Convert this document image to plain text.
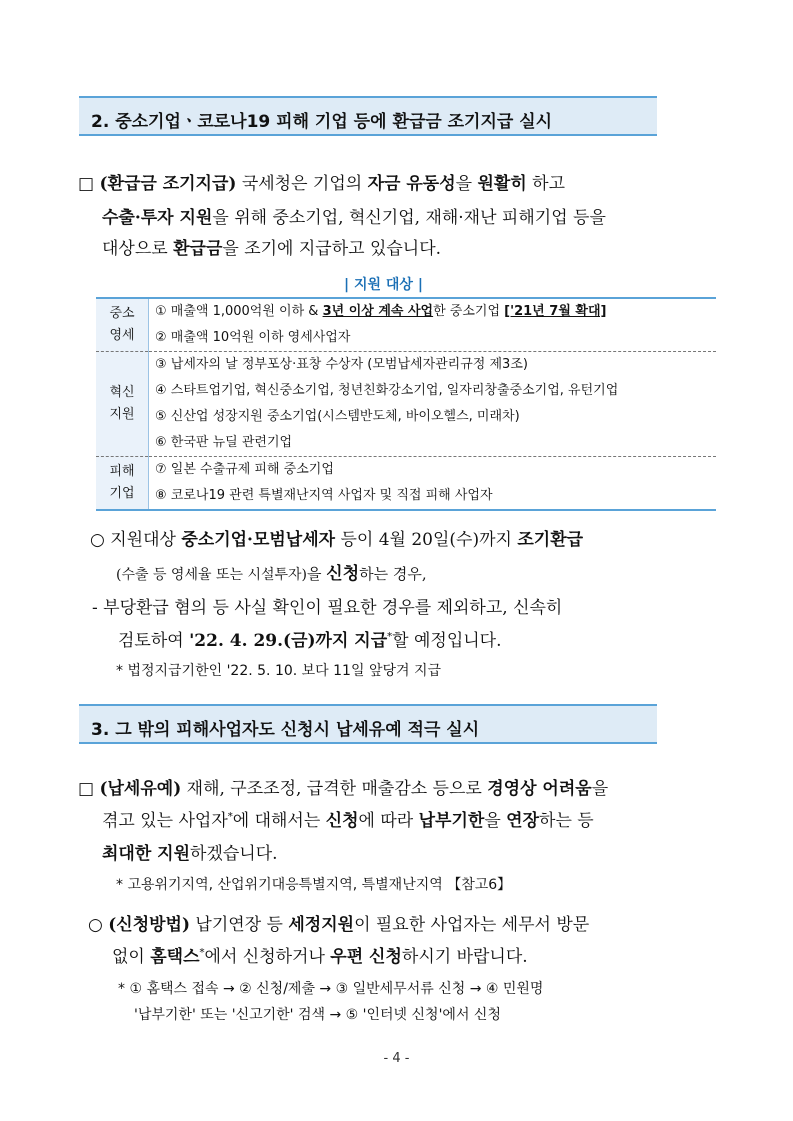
2. 중소기업ㆍ코로나19 피해 기업 등에 환급금 조기지급 실시
□ (환급금 조기지급) 국세청은 기업의 자금 유동성을 원활히 하고
수출·투자 지원을 위해 중소기업, 혁신기업, 재해·재난 피해기업 등을
대상으로 환급금을 조기에 지급하고 있습니다.
| 지원 대상 |
중소
영세	① 매출액 1,000억원 이하 & 3년 이상 계속 사업한 중소기업 ['21년 7월 확대]
	② 매출액 10억원 이하 영세사업자
혁신
지원	③ 납세자의 날 정부포상·표창 수상자 (모범납세자관리규정 제3조)
	④ 스타트업기업, 혁신중소기업, 청년친화강소기업, 일자리창출중소기업, 유턴기업
	⑤ 신산업 성장지원 중소기업(시스템반도체, 바이오헬스, 미래차)
	⑥ 한국판 뉴딜 관련기업
피해
기업	⑦ 일본 수출규제 피해 중소기업
	⑧ 코로나19 관련 특별재난지역 사업자 및 직접 피해 사업자
○ 지원대상 중소기업·모범납세자 등이 4월 20일(수)까지 조기환급
(수출 등 영세율 또는 시설투자)을 신청하는 경우,
- 부당환급 혐의 등 사실 확인이 필요한 경우를 제외하고, 신속히
검토하여 '22. 4. 29.(금)까지 지급*할 예정입니다.
* 법정지급기한인 '22. 5. 10. 보다 11일 앞당겨 지급
3. 그 밖의 피해사업자도 신청시 납세유예 적극 실시
□ (납세유예) 재해, 구조조정, 급격한 매출감소 등으로 경영상 어려움을
겪고 있는 사업자*에 대해서는 신청에 따라 납부기한을 연장하는 등
최대한 지원하겠습니다.
* 고용위기지역, 산업위기대응특별지역, 특별재난지역 【참고6】
○ (신청방법) 납기연장 등 세정지원이 필요한 사업자는 세무서 방문
없이 홈택스*에서 신청하거나 우편 신청하시기 바랍니다.
* ① 홈택스 접속 → ② 신청/제출 → ③ 일반세무서류 신청 → ④ 민원명
'납부기한' 또는 '신고기한' 검색 → ⑤ '인터넷 신청'에서 신청
- 4 -
